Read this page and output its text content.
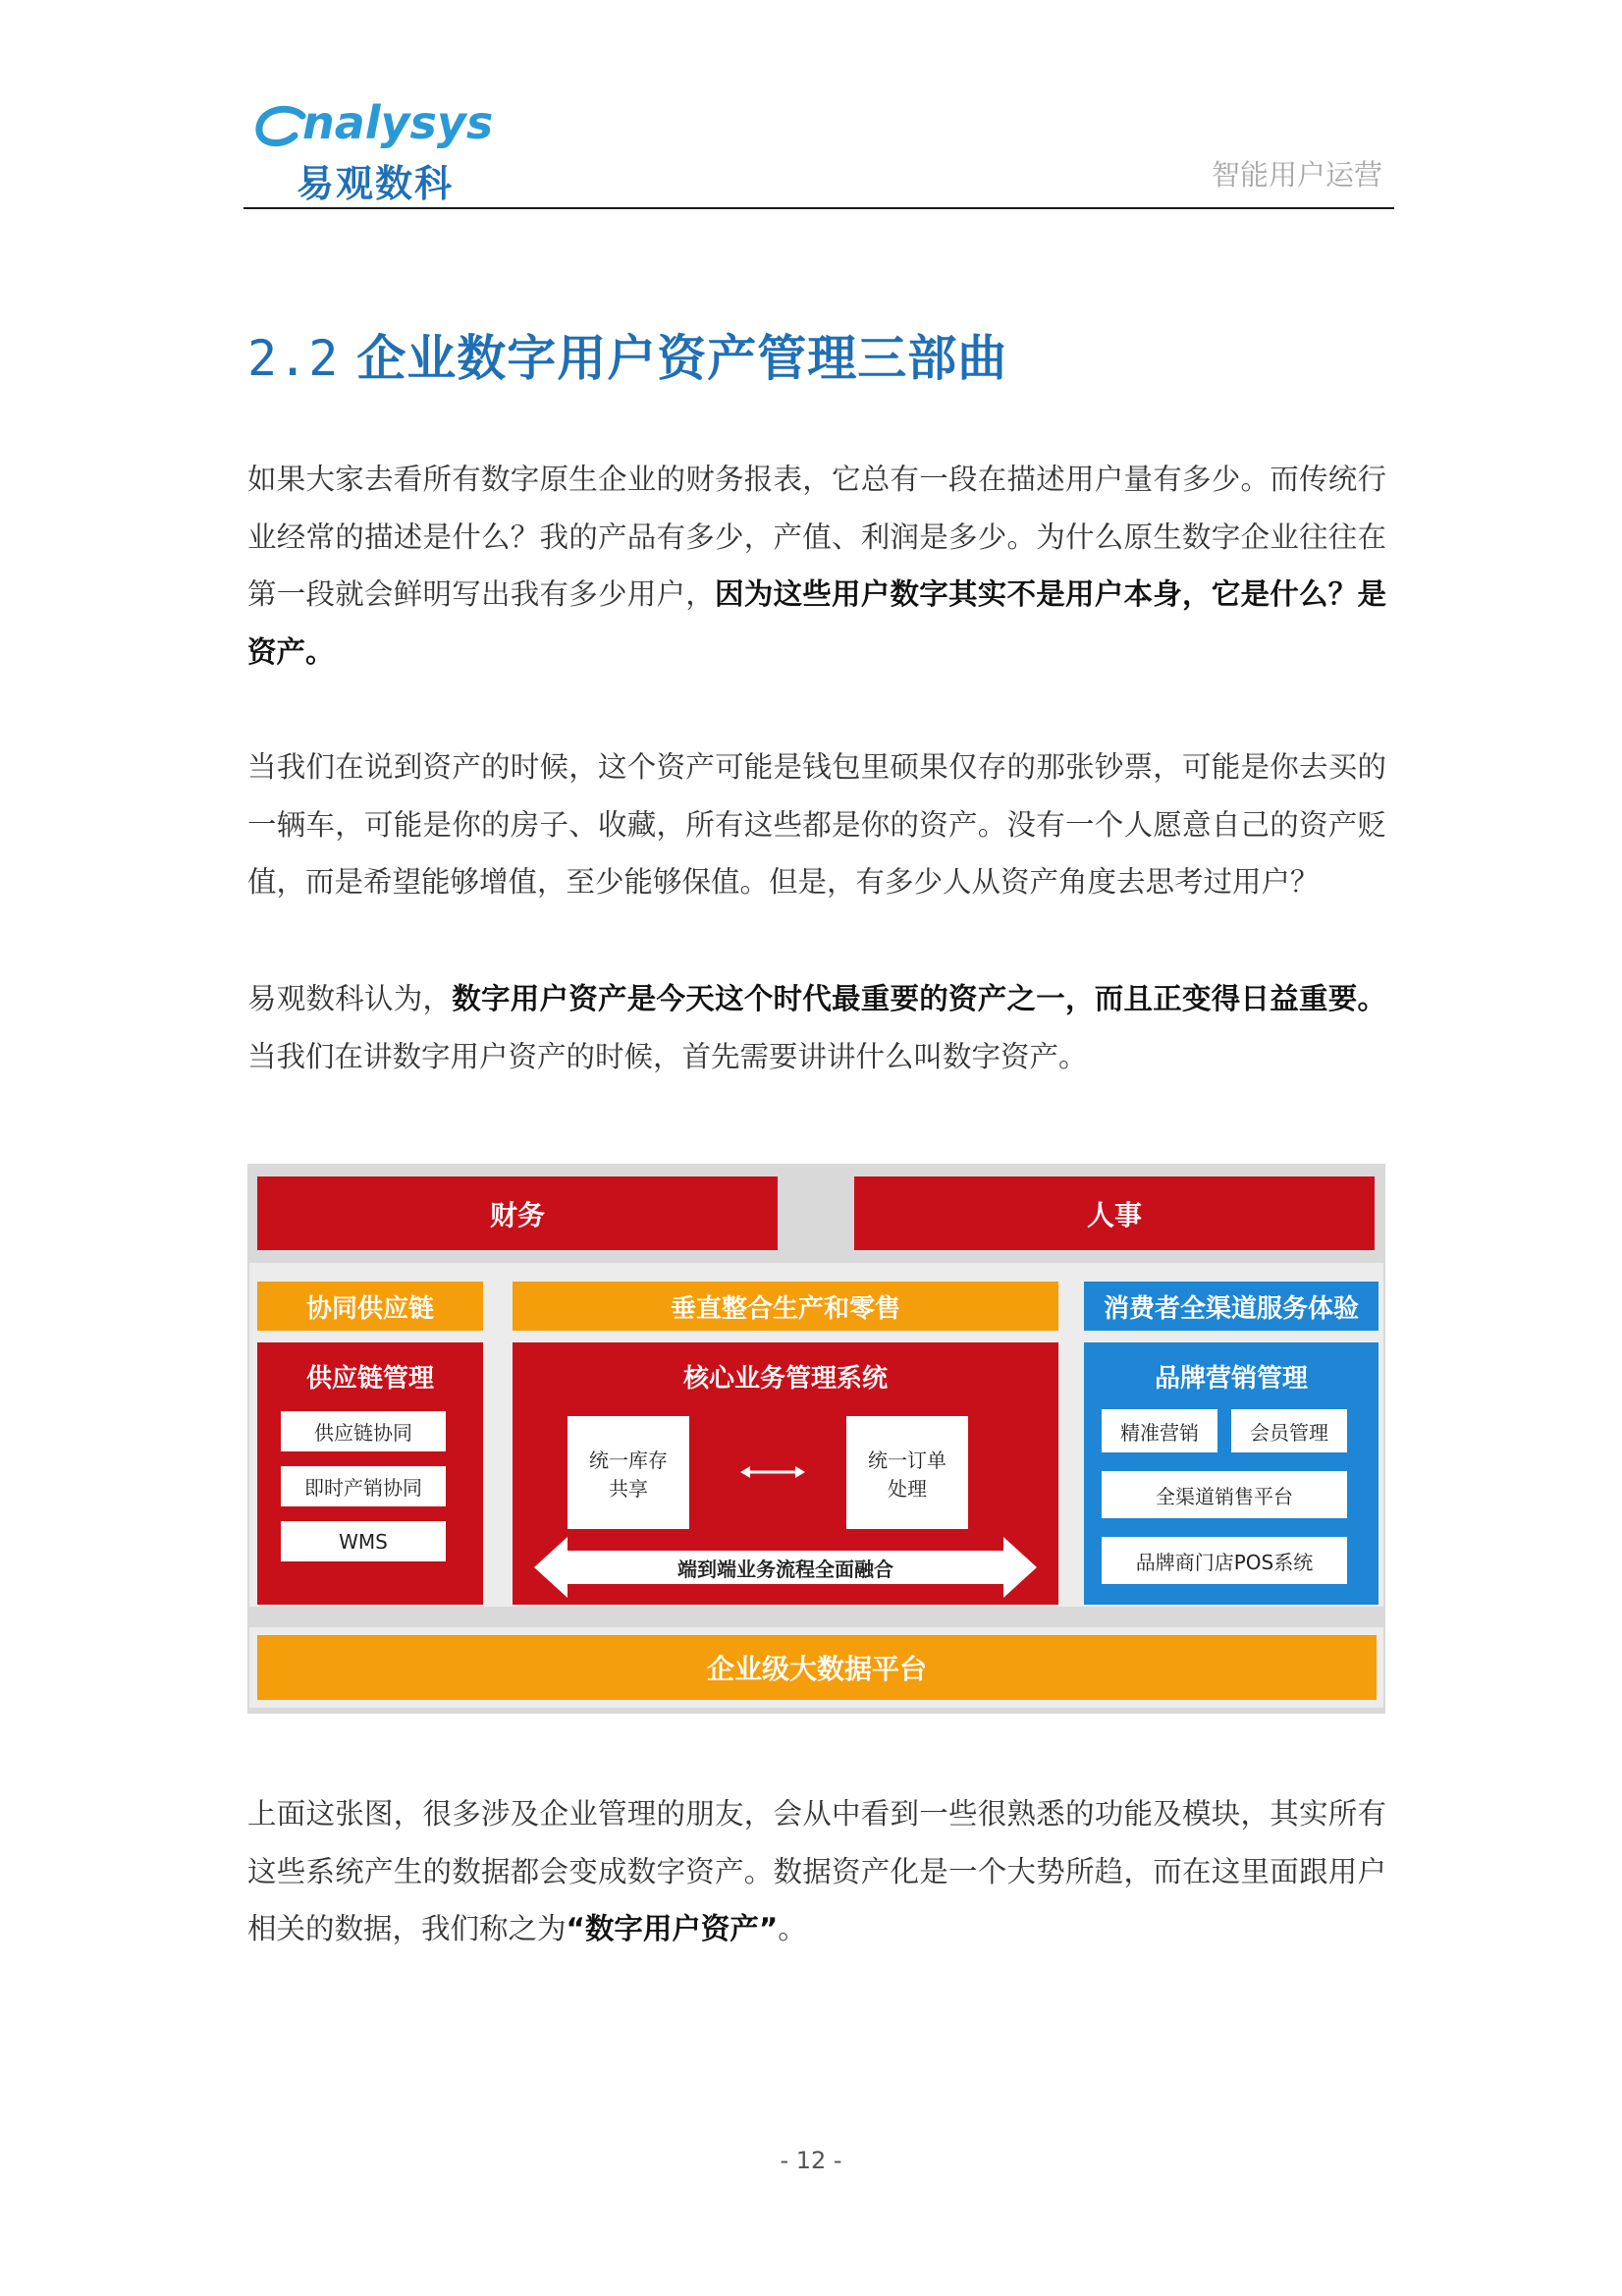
nalysys
易观数科	智能用户运营
2.2 企业数字用户资产管理三部曲
如果大家去看所有数字原生企业的财务报表，它总有一段在描述用户量有多少。而传统行业经常的描述是什么？我的产品有多少，产值、利润是多少。为什么原生数字企业往往在第一段就会鲜明写出我有多少用户，因为这些用户数字其实不是用户本身，它是什么？是资产。
当我们在说到资产的时候，这个资产可能是钱包里硕果仅存的那张钞票，可能是你去买的一辆车，可能是你的房子、收藏，所有这些都是你的资产。没有一个人愿意自己的资产贬值，而是希望能够增值，至少能够保值。但是，有多少人从资产角度去思考过用户？
易观数科认为，数字用户资产是今天这个时代最重要的资产之一，而且正变得日益重要。当我们在讲数字用户资产的时候，首先需要讲讲什么叫数字资产。
财务	人事
协同供应链	垂直整合生产和零售	消费者全渠道服务体验
供应链管理
供应链协同
即时产销协同
WMS
核心业务管理系统
统一库存
共享
统一订单
处理
端到端业务流程全面融合
品牌营销管理
精准营销	会员管理
全渠道销售平台
品牌商门店POS系统
企业级大数据平台
上面这张图，很多涉及企业管理的朋友，会从中看到一些很熟悉的功能及模块，其实所有这些系统产生的数据都会变成数字资产。数据资产化是一个大势所趋，而在这里面跟用户相关的数据，我们称之为“数字用户资产”。
- 12 -
